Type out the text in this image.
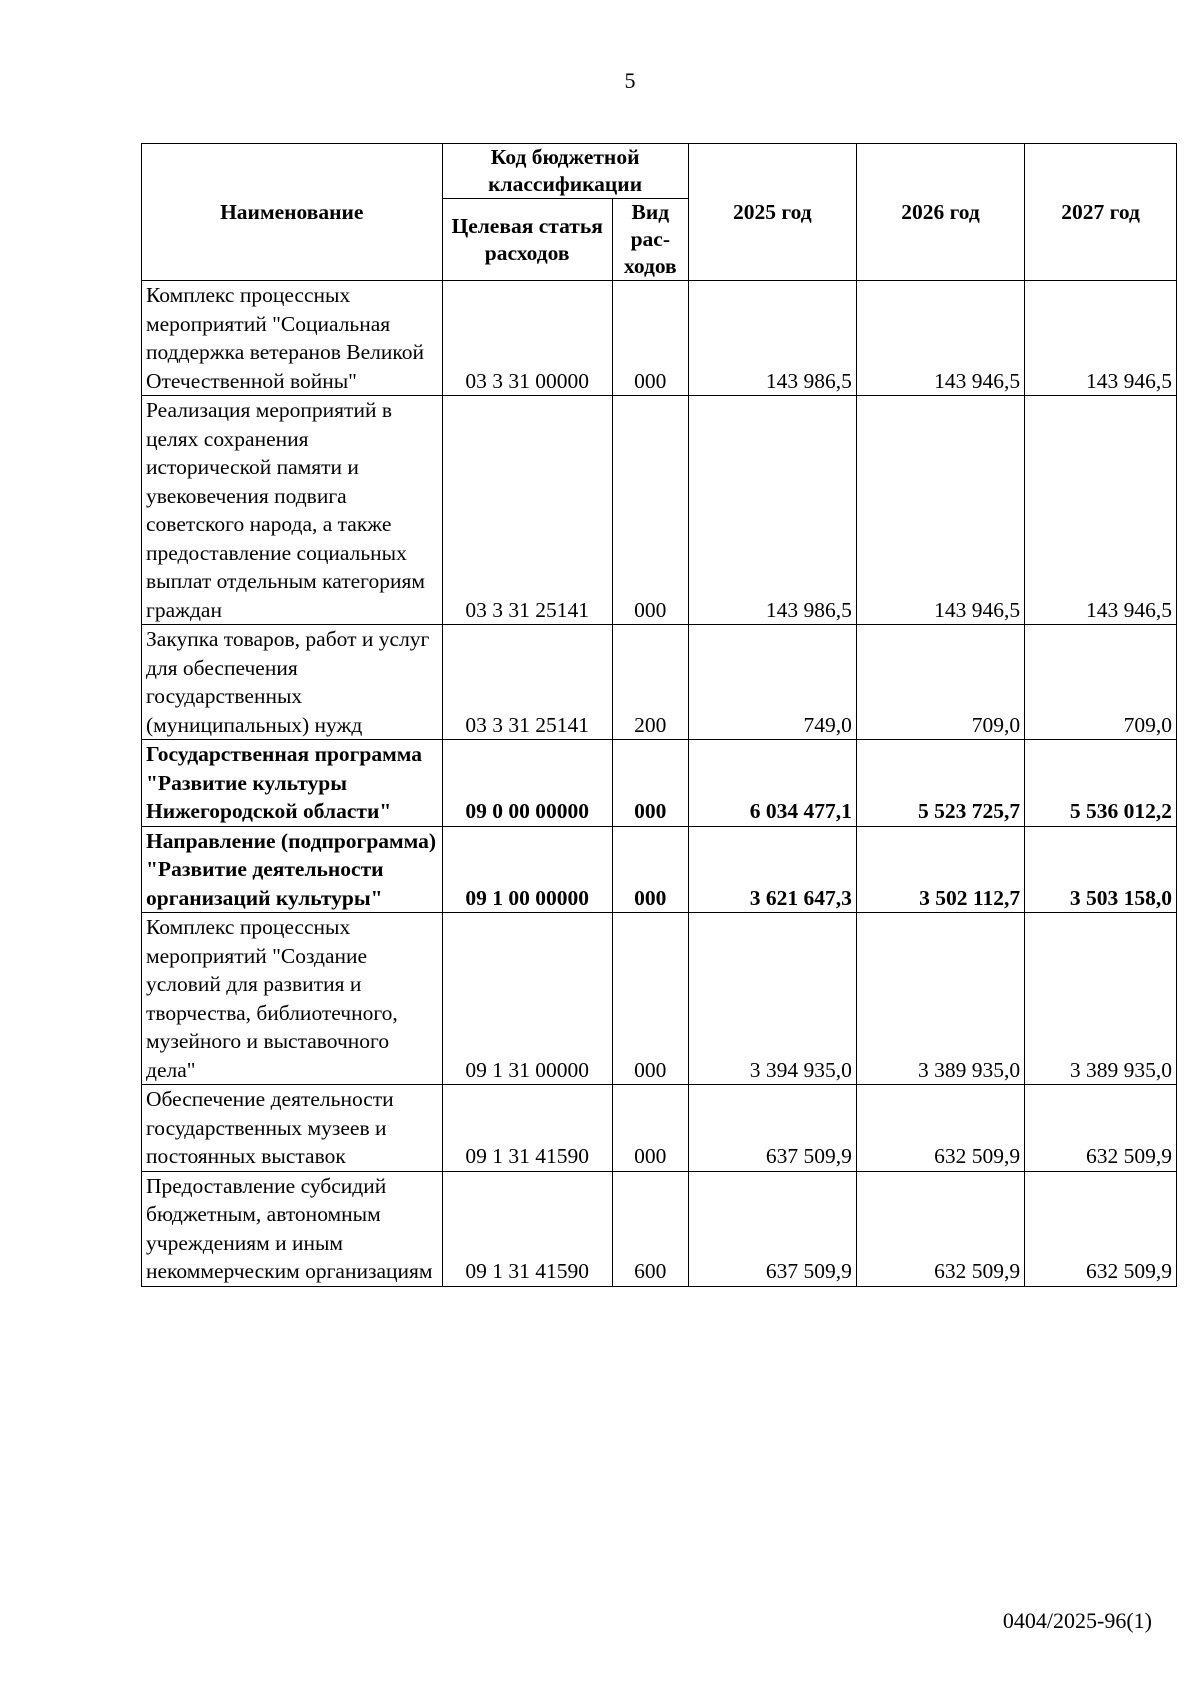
5
Наименование	Код бюджетной классификации		2025 год	2026 год	2027 год
	Целевая статья расходов	Вид рас-ходов			
Комплекс процессных мероприятий "Социальная поддержка ветеранов Великой Отечественной войны"	03 3 31 00000	000	143 986,5	143 946,5	143 946,5
Реализация мероприятий в целях сохранения исторической памяти и увековечения подвига советского народа, а также предоставление социальных выплат отдельным категориям граждан	03 3 31 25141	000	143 986,5	143 946,5	143 946,5
Закупка товаров, работ и услуг для обеспечения государственных (муниципальных) нужд	03 3 31 25141	200	749,0	709,0	709,0
Государственная программа "Развитие культуры Нижегородской области"	09 0 00 00000	000	6 034 477,1	5 523 725,7	5 536 012,2
Направление (подпрограмма) "Развитие деятельности организаций культуры"	09 1 00 00000	000	3 621 647,3	3 502 112,7	3 503 158,0
Комплекс процессных мероприятий "Создание условий для развития и творчества, библиотечного, музейного и выставочного дела"	09 1 31 00000	000	3 394 935,0	3 389 935,0	3 389 935,0
Обеспечение деятельности государственных музеев и постоянных выставок	09 1 31 41590	000	637 509,9	632 509,9	632 509,9
Предоставление субсидий бюджетным, автономным учреждениям и иным некоммерческим организациям	09 1 31 41590	600	637 509,9	632 509,9	632 509,9
0404/2025-96(1)
